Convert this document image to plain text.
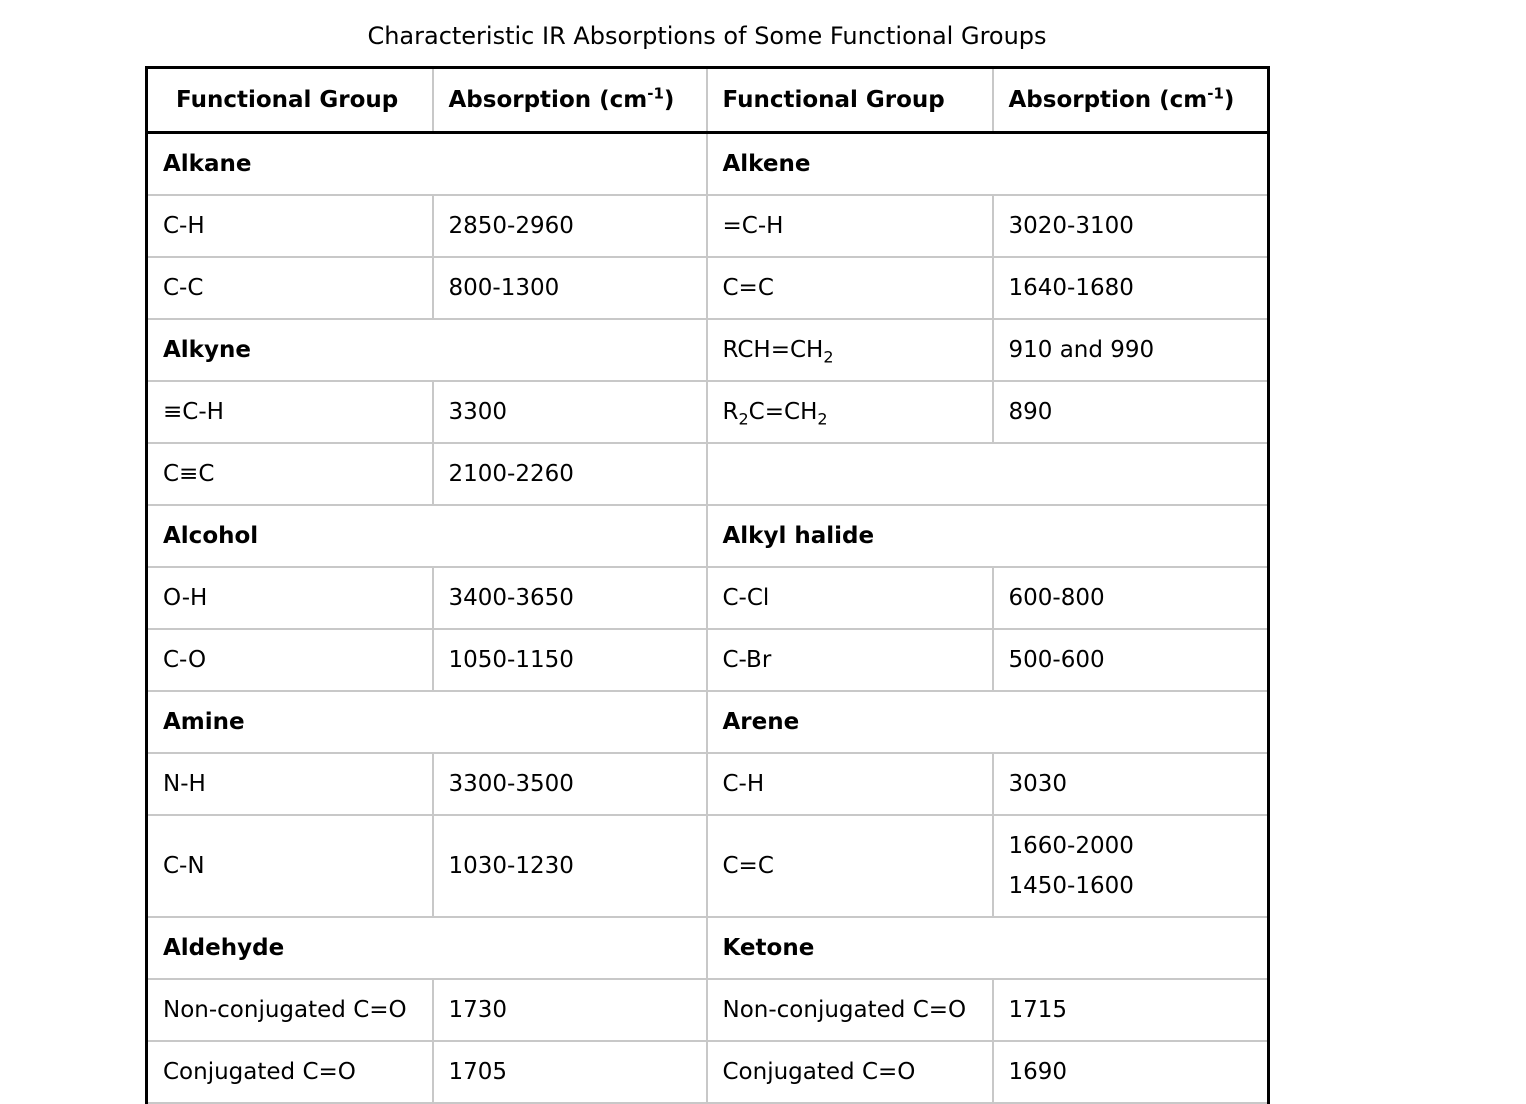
Characteristic IR Absorptions of Some Functional Groups
Functional Group	Absorption $(cm^{-1})$	Functional Group	Absorption $(cm^{-1})$
Alkane		Alkene	
C-H	2850-2960	=C-H	3020-3100
C-C	800-1300	C=C	1640-1680
Alkyne		$RCH=CH_2$	910 and 990
≡C-H	3300	$R_2C=CH_2$	890
C≡C	2100-2260		
Alcohol		Alkyl halide	
O-H	3400-3650	C-Cl	600-800
C-O	1050-1150	C-Br	500-600
Amine		Arene	
N-H	3300-3500	C-H	3030
C-N	1030-1230	C=C	1660-2000
1450-1600

Aldehyde		Ketone	
Non-conjugated C=O	1730	Non-conjugated C=O	1715
Conjugated C=O	1705	Conjugated C=O	1690
